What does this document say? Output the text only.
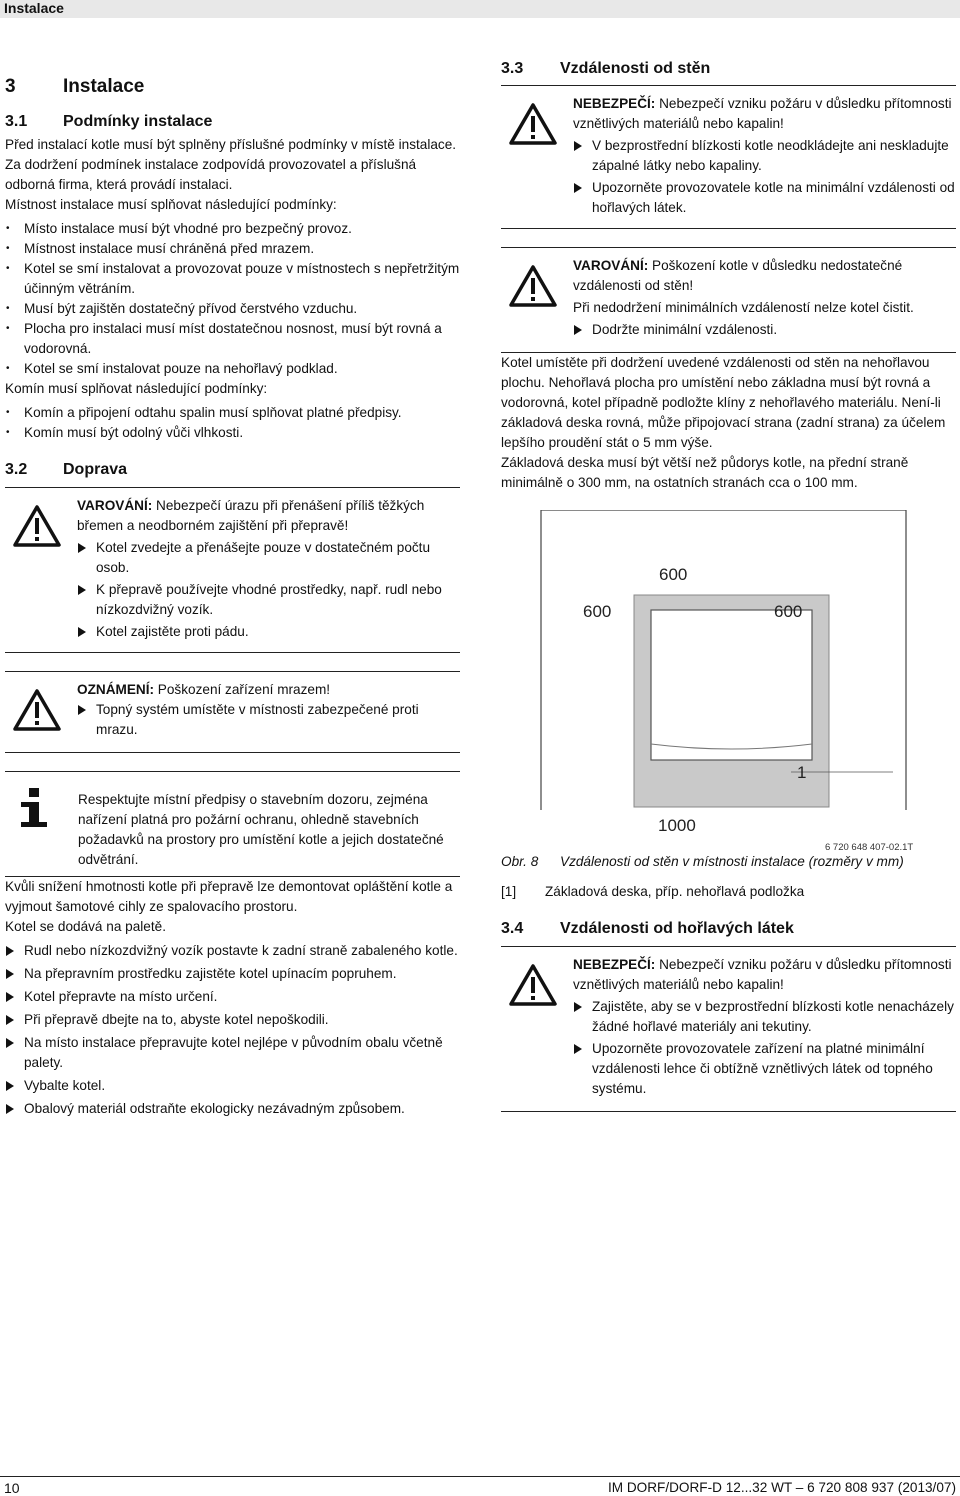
Instalace
3 Instalace
3.1 Podmínky instalace

Před instalací kotle musí být splněny příslušné podmínky v místě instalace. Za dodržení podmínek instalace zodpovídá provozovatel a příslušná odborná firma, která provádí instalaci.

Místnost instalace musí splňovat následující podmínky:

• Místo instalace musí být vhodné pro bezpečný provoz.
• Místnost instalace musí chráněná před mrazem.
• Kotel se smí instalovat a provozovat pouze v místnostech s nepřetržitým účinným větráním.
• Musí být zajištěn dostatečný přívod čerstvého vzduchu.
• Plocha pro instalaci musí míst dostatečnou nosnost, musí být rovná a vodorovná.
• Kotel se smí instalovat pouze na nehořlavý podklad.

Komín musí splňovat následující podmínky:

• Komín a připojení odtahu spalin musí splňovat platné předpisy.
• Komín musí být odolný vůči vlhkosti.
3.2 Doprava

VAROVÁNÍ: Nebezpečí úrazu při přenášení příliš těžkých břemen a neodborném zajištění při přepravě!

Kotel zvedejte a přenášejte pouze v dostatečném počtu osob.
K přepravě používejte vhodné prostředky, např. rudl nebo nízkozdvižný vozík.
Kotel zajistěte proti pádu.

OZNÁMENÍ: Poškození zařízení mrazem!

Topný systém umístěte v místnosti zabezpečené proti mrazu.

Respektujte místní předpisy o stavebním dozoru, zejména nařízení platná pro požární ochranu, ohledně stavebních požadavků na prostory pro umístění kotle a jejich dostatečné odvětrání.

Kvůli snížení hmotnosti kotle při přepravě lze demontovat opláštění kotle a vyjmout šamotové cihly ze spalovacího prostoru.

Kotel se dodává na paletě.

Rudl nebo nízkozdvižný vozík postavte k zadní straně zabaleného kotle.
Na přepravním prostředku zajistěte kotel upínacím popruhem.
Kotel přepravte na místo určení.
Při přepravě dbejte na to, abyste kotel nepoškodili.
Na místo instalace přepravujte kotel nejlépe v původním obalu včetně palety.
Vybalte kotel.
Obalový materiál odstraňte ekologicky nezávadným způsobem.
3.3 Vzdálenosti od stěn

NEBEZPEČÍ: Nebezpečí vzniku požáru v důsledku přítomnosti vznětlivých materiálů nebo kapalin!

V bezprostřední blízkosti kotle neodkládejte ani neskladujte zápalné látky nebo kapaliny.
Upozorněte provozovatele kotle na minimální vzdálenosti od hořlavých látek.

VAROVÁNÍ: Poškození kotle v důsledku nedostatečné vzdálenosti od stěn!

Při nedodržení minimálních vzdáleností nelze kotel čistit.

Dodržte minimální vzdálenosti.

Kotel umístěte při dodržení uvedené vzdálenosti od stěn na nehořlavou plochu. Nehořlavá plocha pro umístění nebo základna musí být rovná a vodorovná, kotel případně podložte klíny z nehořlavého materiálu. Není-li základová deska rovná, může připojovací strana (zadní strana) za účelem lepšího proudění stát o 5 mm výše.

Základová deska musí být větší než půdorys kotle, na přední straně minimálně o 300 mm, na ostatních stranách cca o 100 mm.

1
600
600	600
1000
6 720 648 407-02.1T

Obr. 8 Vzdálenosti od stěn v místnosti instalace (rozměry v mm)

[1] Základová deska, příp. nehořlavá podložka

3.4 Vzdálenosti od hořlavých látek

NEBEZPEČÍ: Nebezpečí vzniku požáru v důsledku přítomnosti vznětlivých materiálů nebo kapalin!

Zajistěte, aby se v bezprostřední blízkosti kotle nenacházely žádné hořlavé materiály ani tekutiny.
Upozorněte provozovatele zařízení na platné minimální vzdálenosti lehce či obtížně vznětlivých látek od topného systému.
10	IM DORF/DORF-D 12...32 WT – 6 720 808 937 (2013/07)
